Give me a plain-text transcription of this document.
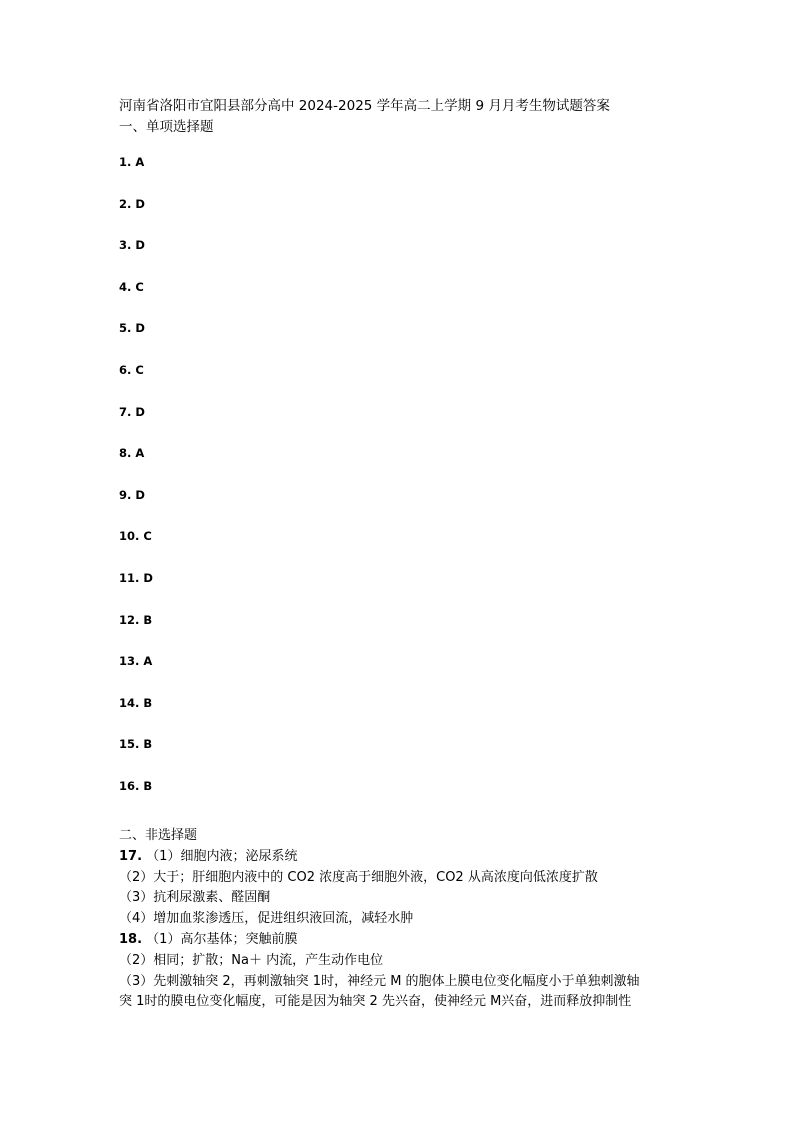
河南省洛阳市宜阳县部分高中 2024-2025 学年高二上学期 9 月月考生物试题答案
一、单项选择题
1. A
2. D
3. D
4. C
5. D
6. C
7. D
8. A
9. D
10. C
11. D
12. B
13. A
14. B
15. B
16. B
二、非选择题
17. （1）细胞内液；泌尿系统
（2）大于；肝细胞内液中的 CO2 浓度高于细胞外液，CO2 从高浓度向低浓度扩散
（3）抗利尿激素、醛固酮
（4）增加血浆渗透压，促进组织液回流，减轻水肿
18. （1）高尔基体；突触前膜
（2）相同；扩散；Na＋ 内流，产生动作电位
（3）先刺激轴突 2，再刺激轴突 1时，神经元 M 的胞体上膜电位变化幅度小于单独刺激轴
突 1时的膜电位变化幅度，可能是因为轴突 2 先兴奋，使神经元 M兴奋，进而释放抑制性
